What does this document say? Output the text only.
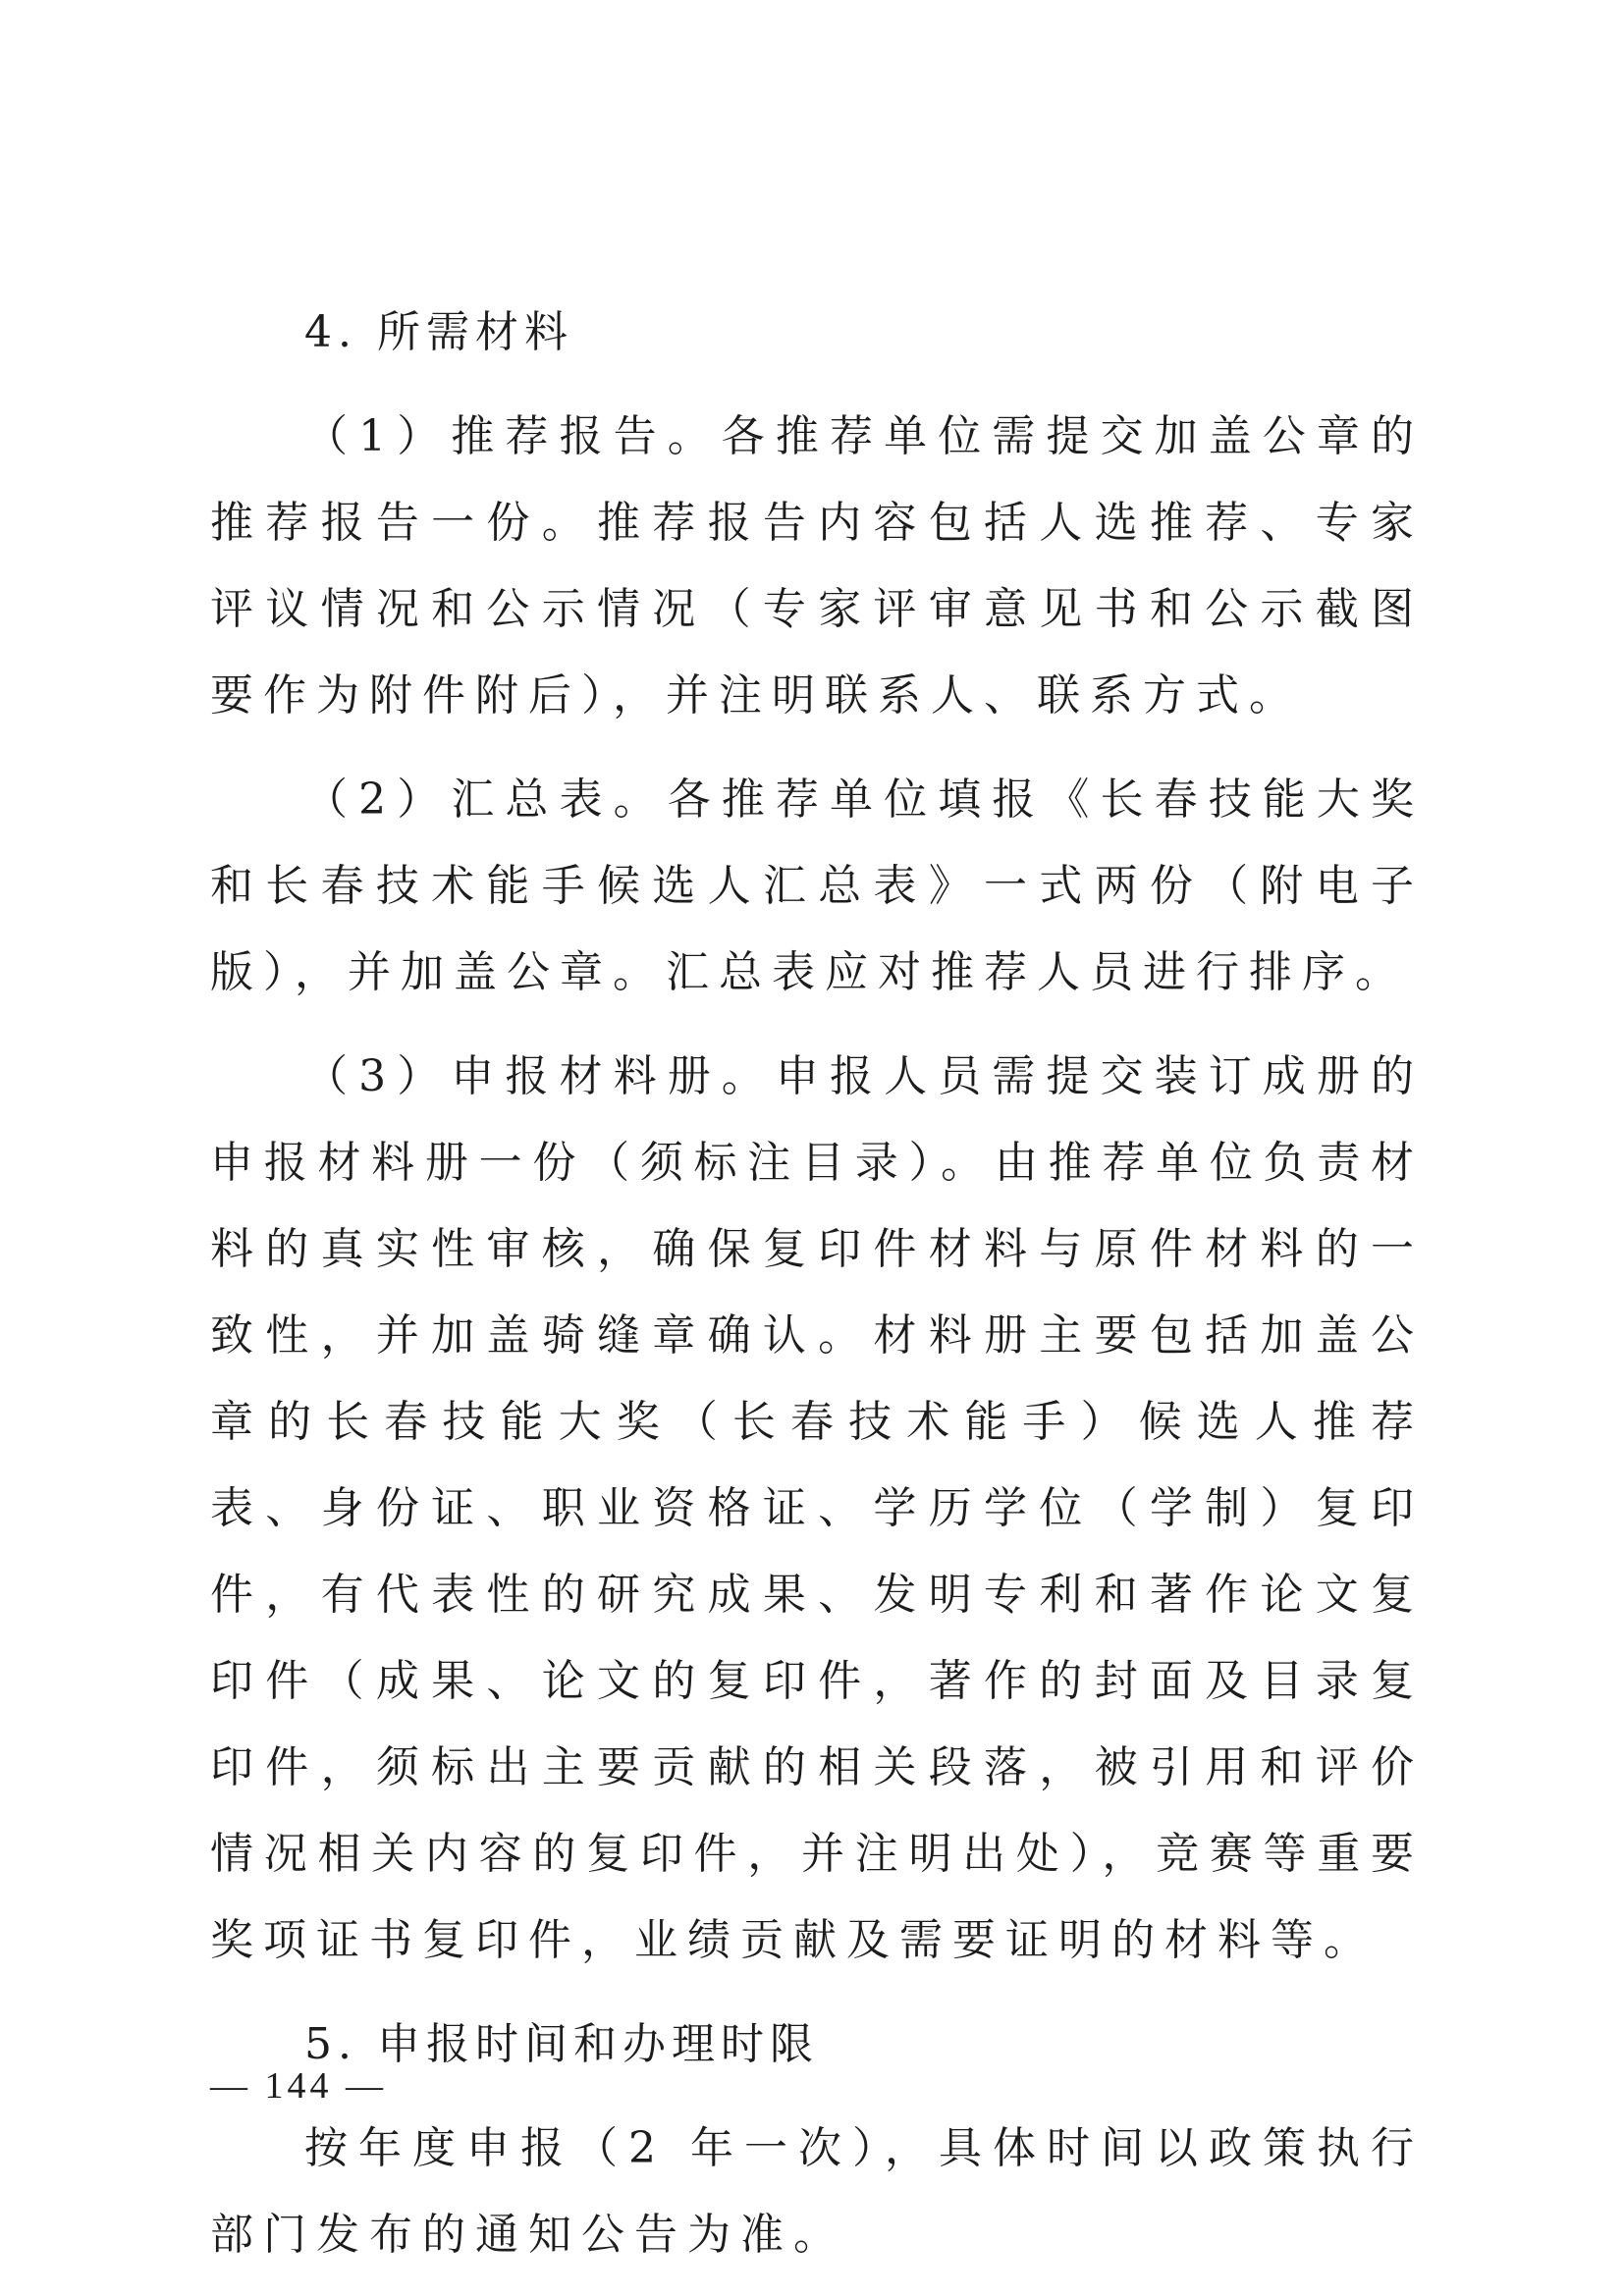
4. 所需材料

（1）推荐报告。各推荐单位需提交加盖公章的推荐报告一份。推荐报告内容包括人选推荐、专家评议情况和公示情况（专家评审意见书和公示截图要作为附件附后），并注明联系人、联系方式。

（2）汇总表。各推荐单位填报《长春技能大奖和长春技术能手候选人汇总表》一式两份（附电子版），并加盖公章。汇总表应对推荐人员进行排序。

（3）申报材料册。申报人员需提交装订成册的申报材料册一份（须标注目录）。由推荐单位负责材料的真实性审核，确保复印件材料与原件材料的一致性，并加盖骑缝章确认。材料册主要包括加盖公章的长春技能大奖（长春技术能手）候选人推荐表、身份证、职业资格证、学历学位（学制）复印件，有代表性的研究成果、发明专利和著作论文复印件（成果、论文的复印件，著作的封面及目录复印件，须标出主要贡献的相关段落，被引用和评价情况相关内容的复印件，并注明出处），竞赛等重要奖项证书复印件，业绩贡献及需要证明的材料等。

5. 申报时间和办理时限

按年度申报（2 年一次），具体时间以政策执行部门发布的通知公告为准。

— 144 —
